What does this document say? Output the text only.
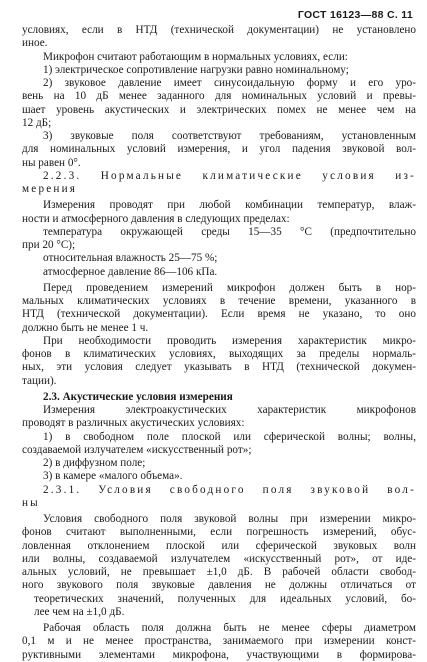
ГОСТ 16123—88 С. 11
условиях, если в НТД (технической документации) не установлено
иное.
Микрофон считают работающим в нормальных условиях, если:
1) электрическое сопротивление нагрузки равно номинальному;
2) звуковое давление имеет синусоидальную форму и его уро-
вень на 10 дБ менее заданного для номинальных условий и превы-
шает уровень акустических и электрических помех не менее чем на
12 дБ;
3) звуковые поля соответствуют требованиям, установленным
для номинальных условий измерения, и угол падения звуковой вол-
ны равен 0°.
2.2.3. Нормальные климатические условия из-
мерения
Измерения проводят при любой комбинации температур, влаж-
ности и атмосферного давления в следующих пределах:
температура окружающей среды 15—35 °С (предпочтительно
при 20 °С);
относительная влажность 25—75 %;
атмосферное давление 86—106 кПа.
Перед проведением измерений микрофон должен быть в нор-
мальных климатических условиях в течение времени, указанного в
НТД (технической документации). Если время не указано, то оно
должно быть не менее 1 ч.
При необходимости проводить измерения характеристик микро-
фонов в климатических условиях, выходящих за пределы нормаль-
ных, эти условия следует указывать в НТД (технической докумен-
тации).
2.3. Акустические условия измерения
Измерения электроакустических характеристик микрофонов
проводят в различных акустических условиях:
1) в свободном поле плоской или сферической волны; волны,
создаваемой излучателем «искусственный рот»;
2) в диффузном поле;
3) в камере «малого объема».
2.3.1. Условия свободного поля звуковой вол-
ны
Условия свободного поля звуковой волны при измерении микро-
фонов считают выполненными, если погрешность измерений, обус-
ловленная отклонением плоской или сферической звуковых волн
или волны, создаваемой излучателем «искусственный рот», от иде-
альных условий, не превышает ±1,0 дБ. В рабочей области свобод-
ного звукового поля звуковые давления не должны отличаться от
теоретических значений, полученных для идеальных условий, бо-
лее чем на ±1,0 дБ.
Рабочая область поля должна быть не менее сферы диаметром
0,1 м и не менее пространства, занимаемого при измерении конст-
руктивными элементами микрофона, участвующими в формирова-
